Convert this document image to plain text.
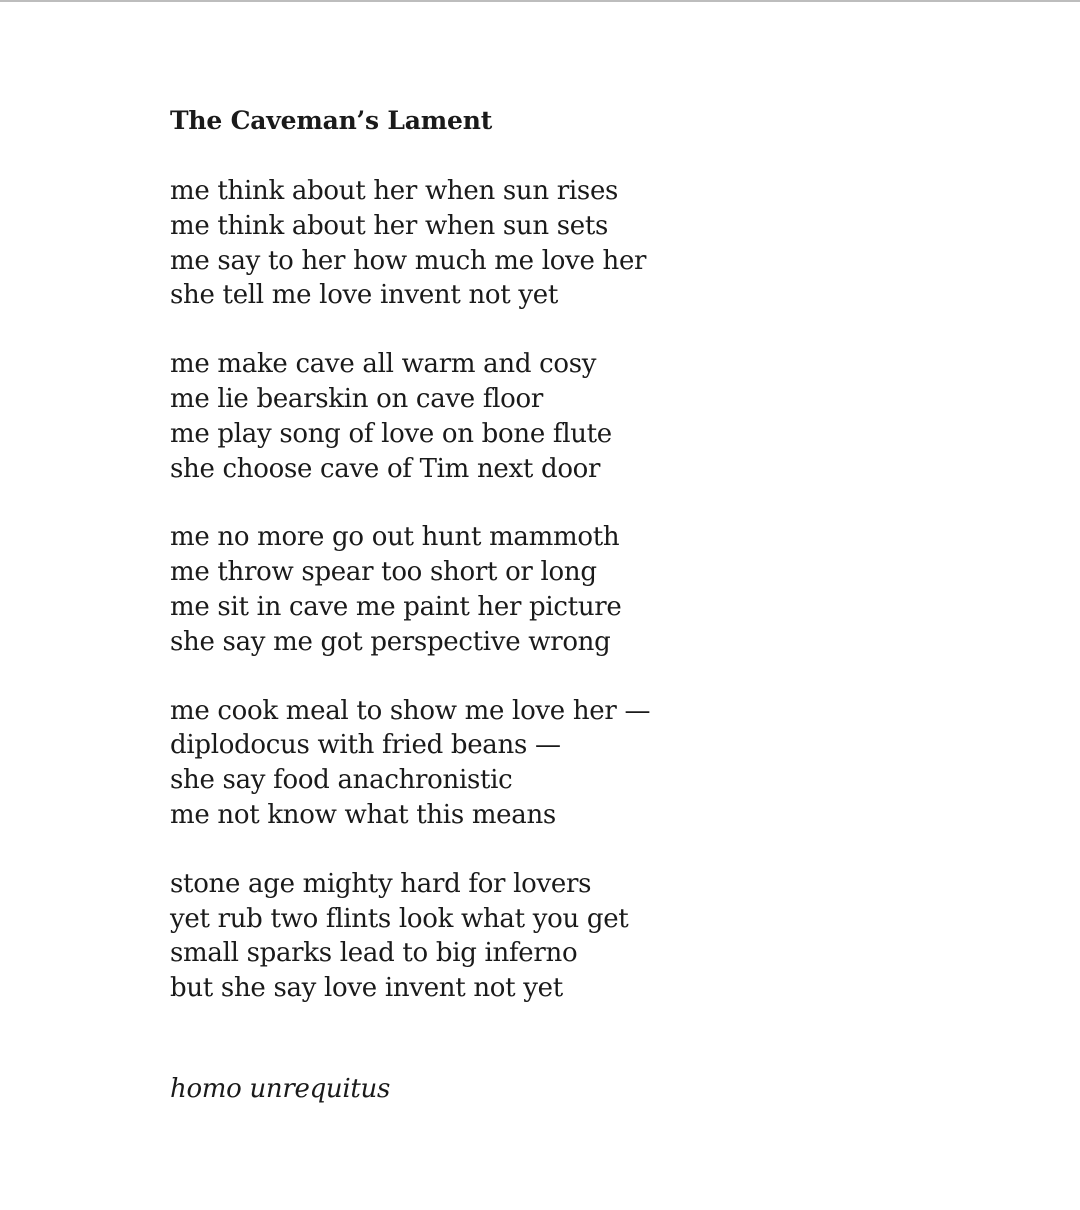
The Caveman’s Lament
me think about her when sun rises
me think about her when sun sets
me say to her how much me love her
she tell me love invent not yet
me make cave all warm and cosy
me lie bearskin on cave floor
me play song of love on bone flute
she choose cave of Tim next door
me no more go out hunt mammoth
me throw spear too short or long
me sit in cave me paint her picture
she say me got perspective wrong
me cook meal to show me love her —
diplodocus with fried beans —
she say food anachronistic
me not know what this means
stone age mighty hard for lovers
yet rub two flints look what you get
small sparks lead to big inferno
but she say love invent not yet
homo unrequitus
